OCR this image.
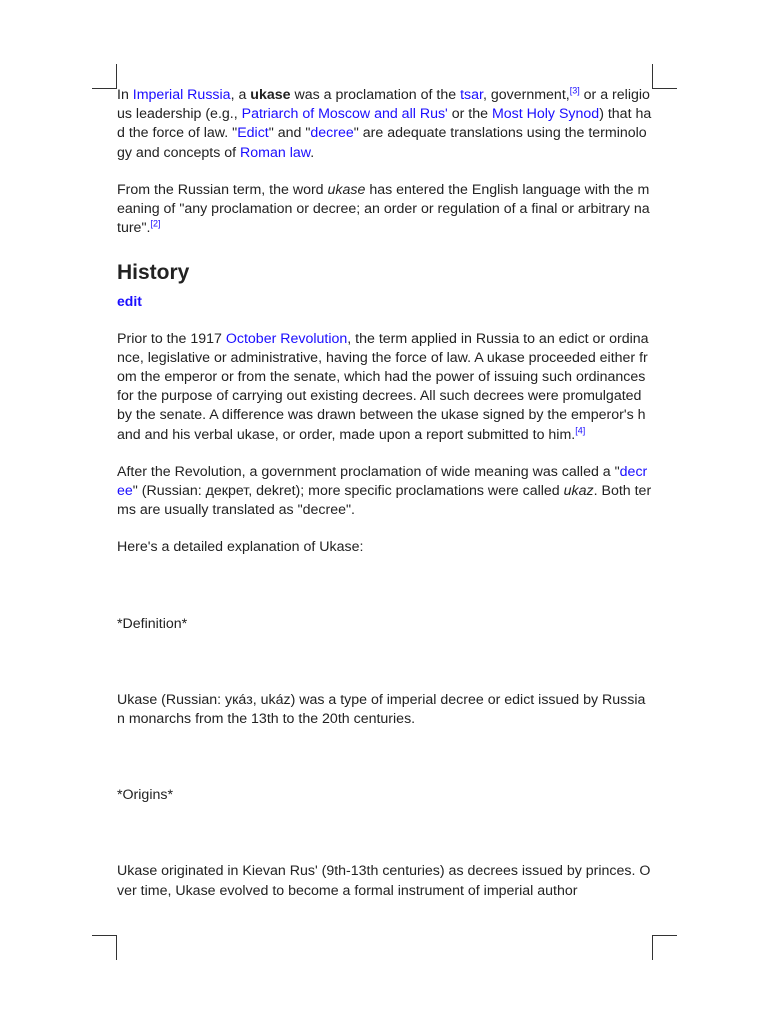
In Imperial Russia, a ukase was a proclamation of the tsar, government,[3] or a religious leadership (e.g., Patriarch of Moscow and all Rus' or the Most Holy Synod) that had the force of law. "Edict" and "decree" are adequate translations using the terminology and concepts of Roman law.

From the Russian term, the word ukase has entered the English language with the meaning of "any proclamation or decree; an order or regulation of a final or arbitrary nature".[2]

History
edit

Prior to the 1917 October Revolution, the term applied in Russia to an edict or ordinance, legislative or administrative, having the force of law. A ukase proceeded either from the emperor or from the senate, which had the power of issuing such ordinances for the purpose of carrying out existing decrees. All such decrees were promulgated by the senate. A difference was drawn between the ukase signed by the emperor's hand and his verbal ukase, or order, made upon a report submitted to him.[4]

After the Revolution, a government proclamation of wide meaning was called a "decree" (Russian: декрет, dekret); more specific proclamations were called ukaz. Both terms are usually translated as "decree".

Here's a detailed explanation of Ukase:

*Definition*

Ukase (Russian: укáз, ukáz) was a type of imperial decree or edict issued by Russian monarchs from the 13th to the 20th centuries.

*Origins*

Ukase originated in Kievan Rus' (9th-13th centuries) as decrees issued by princes. Over time, Ukase evolved to become a formal instrument of imperial author
